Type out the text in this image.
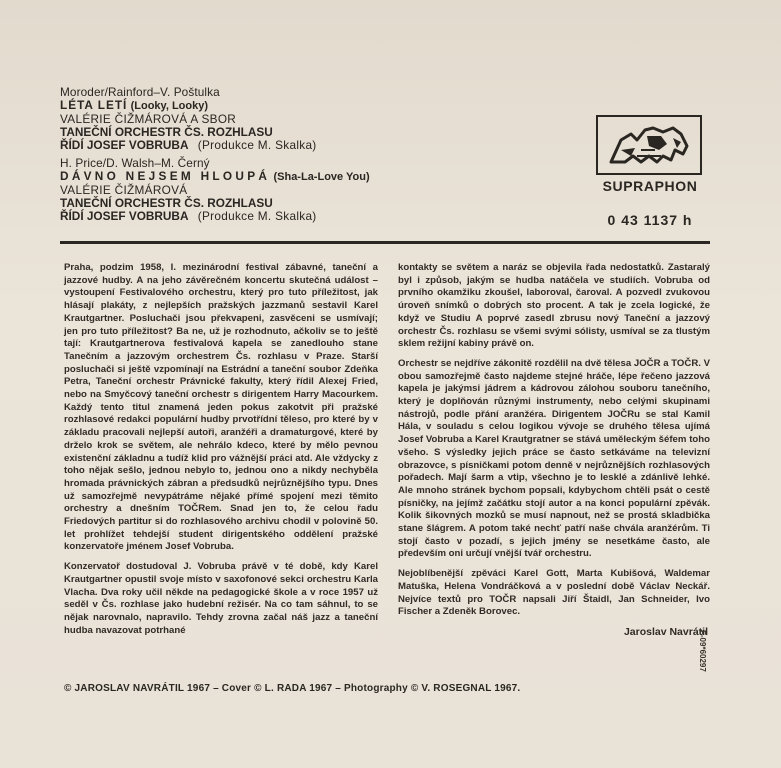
Moroder/Rainford–V. Poštulka
LÉTA LETÍ (Looky, Looky)
VALÉRIE ČIŽMÁROVÁ A SBOR
TANEČNÍ ORCHESTR ČS. ROZHLASU
ŘÍDÍ JOSEF VOBRUBA (Produkce M. Skalka)
H. Price/D. Walsh–M. Černý
DÁVNO NEJSEM HLOUPÁ (Sha-La-Love You)
VALÉRIE ČIŽMÁROVÁ
TANEČNÍ ORCHESTR ČS. ROZHLASU
ŘÍDÍ JOSEF VOBRUBA (Produkce M. Skalka)
SUPRAPHON
0 43 1137 h

Praha, podzim 1958, I. mezinárodní festival zábavné, taneční a jazzové hudby. A na jeho závěrečném koncertu skutečná událost – vystoupení Festivalového orchestru, který pro tuto příležitost, jak hlásají plakáty, z nejlepších pražských jazzmanů sestavil Karel Krautgartner. Posluchači jsou překvapeni, zasvěceni se usmívají; jen pro tuto příležitost? Ba ne, už je rozhodnuto, ačkoliv se to ještě tají: Krautgartnerova festivalová kapela se zanedlouho stane Tanečním a jazzovým orchestrem Čs. rozhlasu v Praze. Starší posluchači si ještě vzpomínají na Estrádní a taneční soubor Zdeňka Petra, Taneční orchestr Právnické fakulty, který řídil Alexej Fried, nebo na Smyčcový taneční orchestr s dirigentem Harry Macourkem. Každý tento titul znamená jeden pokus zakotvit při pražské rozhlasové redakci populární hudby prvotřídní těleso, pro které by v základu pracovali nejlepší autoři, aranžéři a dramaturgové, které by drželo krok se světem, ale nehrálo kdeco, které by mělo pevnou existenční základnu a tudíž klid pro vážnější práci atd. Ale vždycky z toho nějak sešlo, jednou nebylo to, jednou ono a nikdy nechyběla hromada právnických zábran a předsudků nejrůznějšího typu. Dnes už samozřejmě nevypátráme nějaké přímé spojení mezi těmito orchestry a dnešním TOČRem. Snad jen to, že celou řadu Friedových partitur si do rozhlasového archivu chodil v polovině 50. let prohlížet tehdejší student dirigentského oddělení pražské konzervatoře jménem Josef Vobruba.

Konzervatoř dostudoval J. Vobruba právě v té době, kdy Karel Krautgartner opustil svoje místo v saxofonové sekci orchestru Karla Vlacha. Dva roky učil někde na pedagogické škole a v roce 1957 už seděl v Čs. rozhlase jako hudební režisér. Na co tam sáhnul, to se nějak narovnalo, napravilo. Tehdy zrovna začal náš jazz a taneční hudba navazovat potrhané

kontakty se světem a naráz se objevila řada nedostatků. Zastaralý byl i způsob, jakým se hudba natáčela ve studiích. Vobruba od prvního okamžiku zkoušel, laboroval, čaroval. A pozvedl zvukovou úroveň snímků o dobrých sto procent. A tak je zcela logické, že když ve Studiu A poprvé zasedl zbrusu nový Taneční a jazzový orchestr Čs. rozhlasu se všemi svými sólisty, usmíval se za tlustým sklem režijní kabiny právě on.

Orchestr se nejdříve zákonitě rozdělil na dvě tělesa JOČR a TOČR. V obou samozřejmě často najdeme stejné hráče, lépe řečeno jazzová kapela je jakýmsi jádrem a kádrovou zálohou souboru tanečního, který je doplňován různými instrumenty, nebo celými skupinami nástrojů, podle přání aranžéra. Dirigentem JOČRu se stal Kamil Hála, v souladu s celou logikou vývoje se druhého tělesa ujímá Josef Vobruba a Karel Krautgratner se stává uměleckým šéfem toho všeho. S výsledky jejich práce se často setkáváme na televizní obrazovce, s písničkami potom denně v nejrůznějších rozhlasových pořadech. Mají šarm a vtip, všechno je to lesklé a zdánlivě lehké. Ale mnoho stránek bychom popsali, kdybychom chtěli psát o cestě písničky, na jejímž začátku stojí autor a na konci populární zpěvák. Kolik šikovných mozků se musí napnout, než se prostá skladbička stane šlágrem. A potom také nechť patří naše chvála aranžérům. Ti stojí často v pozadí, s jejich jmény se nesetkáme často, ale především oni určují vnější tvář orchestru.

Nejoblíbenější zpěváci Karel Gott, Marta Kubišová, Waldemar Matuška, Helena Vondráčková a v poslední době Václav Neckář. Nejvíce textů pro TOČR napsali Jiří Štaidl, Jan Schneider, Ivo Fischer a Zdeněk Borovec.

Jaroslav Navrátil
© JAROSLAV NAVRÁTIL 1967 – Cover © L. RADA 1967 – Photography © V. ROSEGNAL 1967.
F-09*60297
